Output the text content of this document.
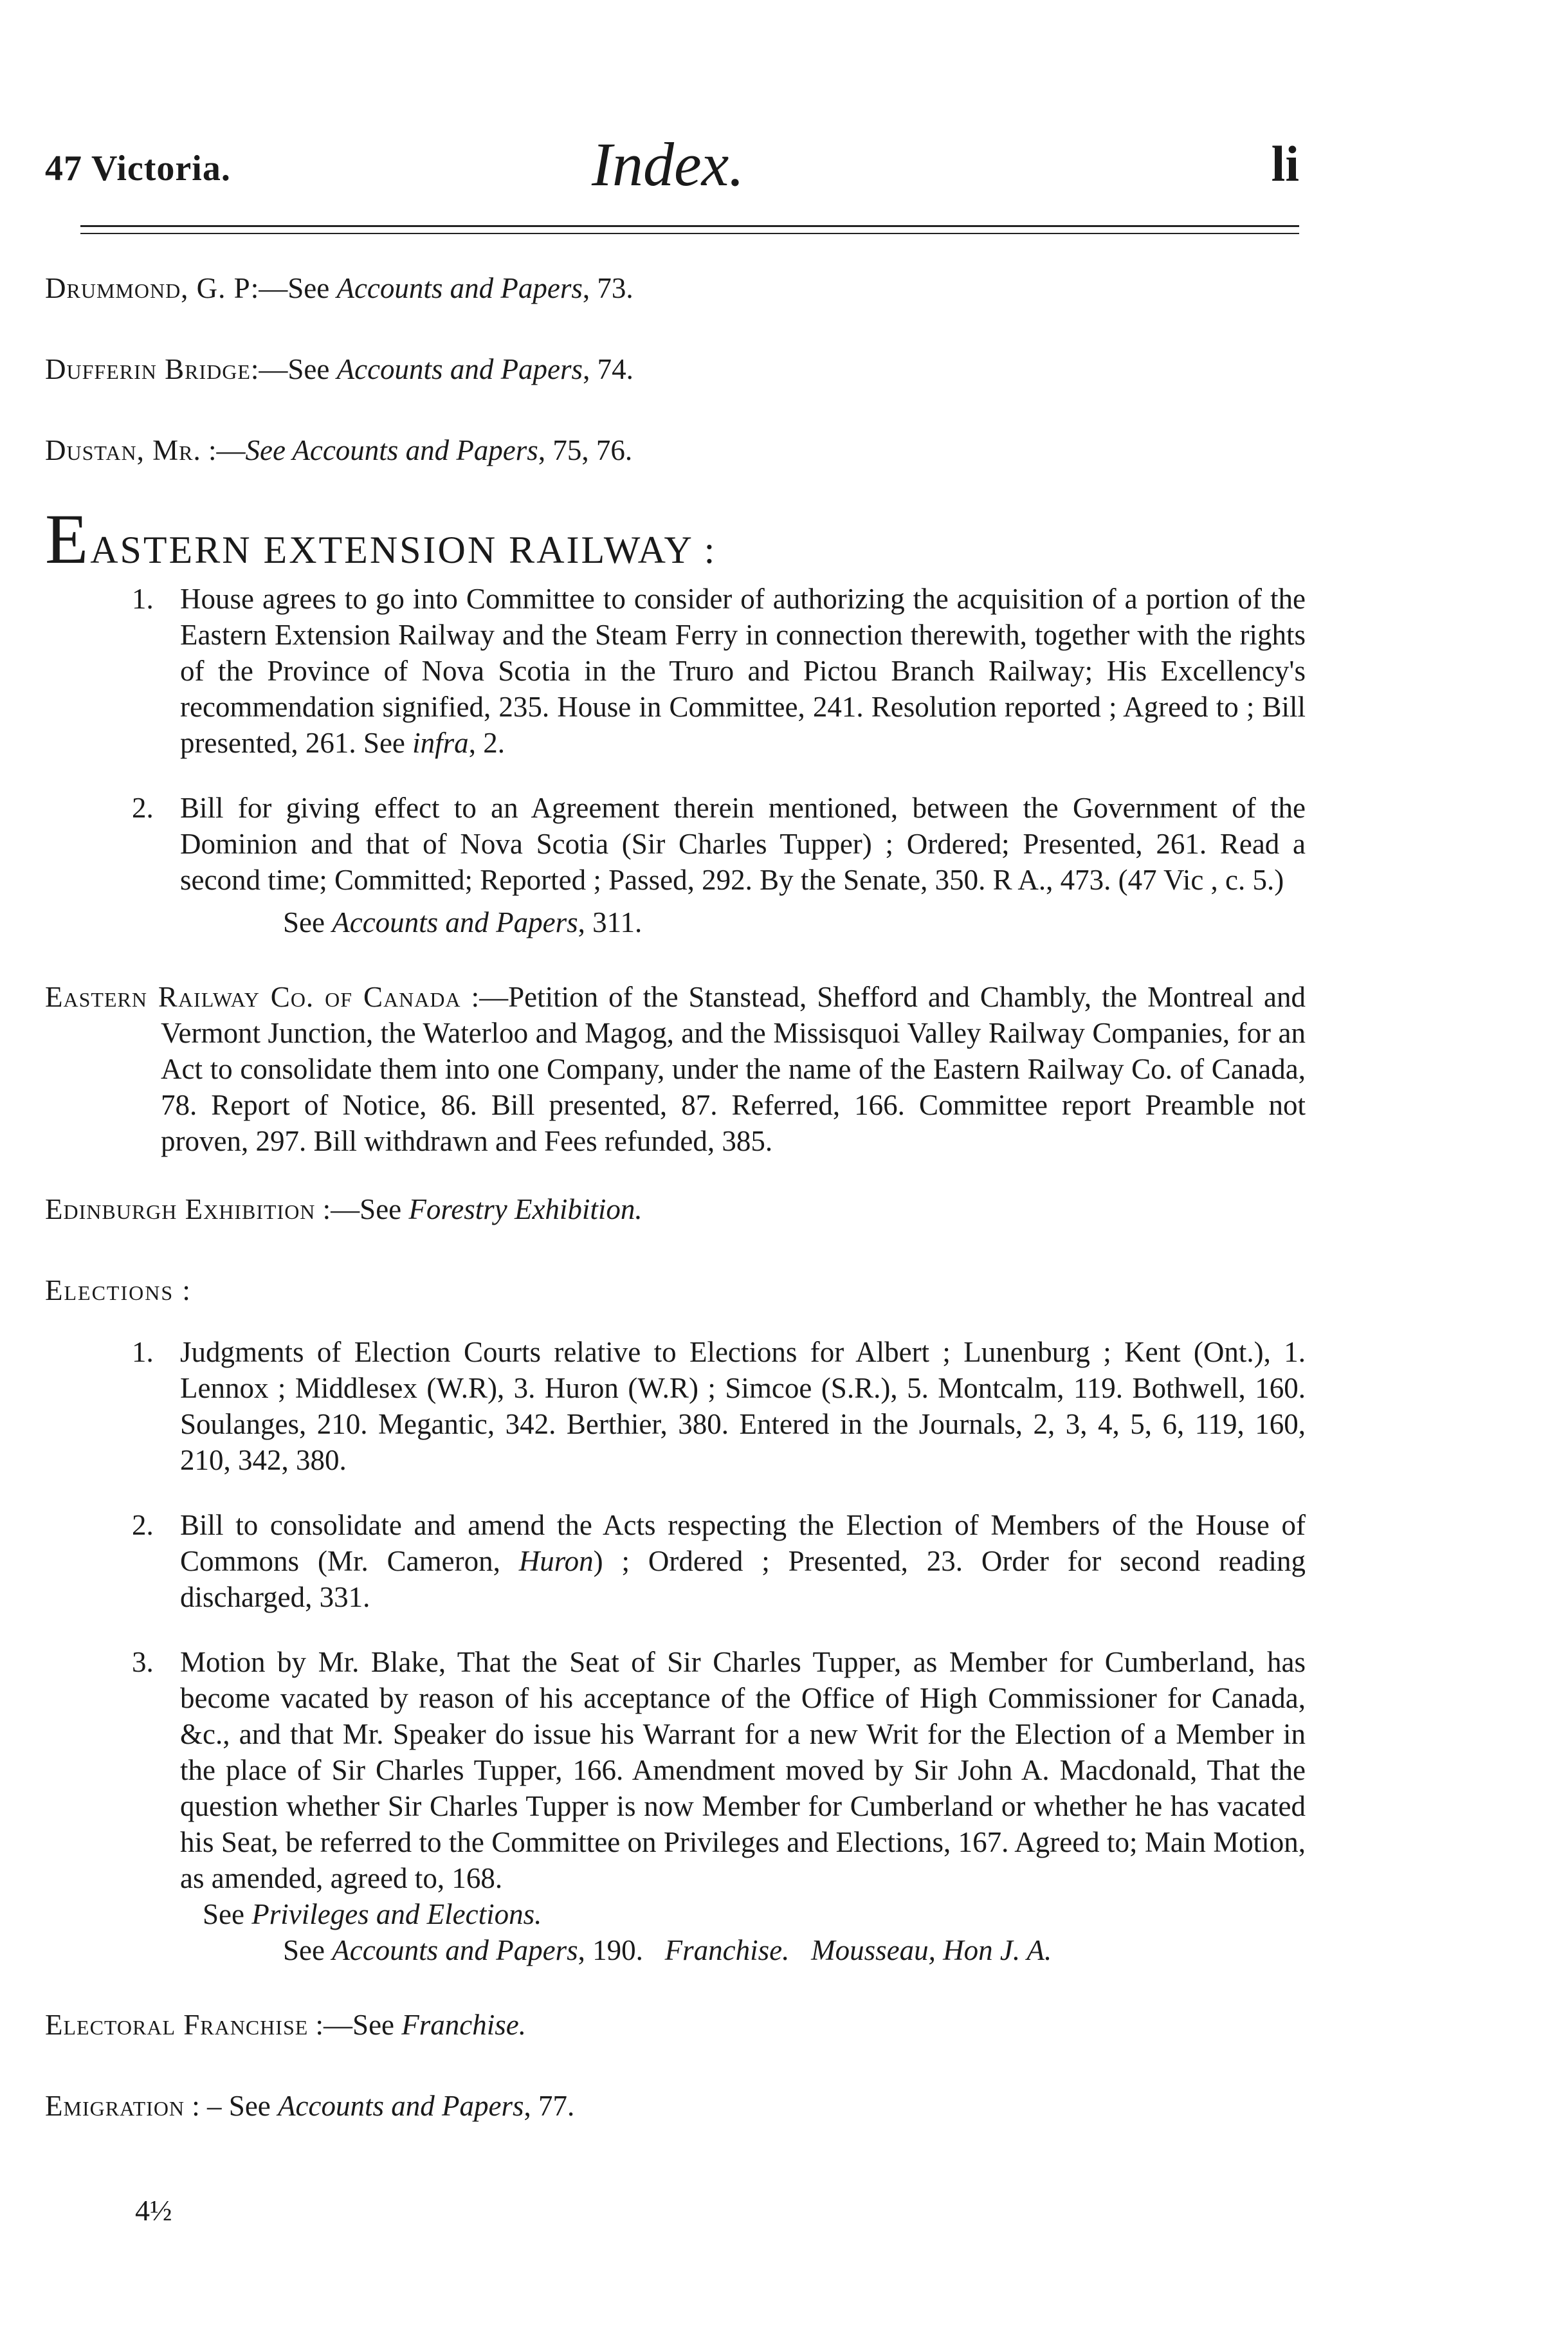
47 Victoria.	Index.	li
Drummond, G. P:—See Accounts and Papers, 73.
Dufferin Bridge:—See Accounts and Papers, 74.
Dustan, Mr. :—See Accounts and Papers, 75, 76.
EASTERN EXTENSION RAILWAY :
1. House agrees to go into Committee to consider of authorizing the acquisition of a portion of the Eastern Extension Railway and the Steam Ferry in connection therewith, together with the rights of the Province of Nova Scotia in the Truro and Pictou Branch Railway; His Excellency's recommendation signified, 235. House in Committee, 241. Resolution reported ; Agreed to ; Bill presented, 261. See infra, 2.
2. Bill for giving effect to an Agreement therein mentioned, between the Government of the Dominion and that of Nova Scotia (Sir Charles Tupper) ; Ordered; Presented, 261. Read a second time; Committed; Reported ; Passed, 292. By the Senate, 350. R A., 473. (47 Vic , c. 5.)
See Accounts and Papers, 311.
Eastern Railway Co. of Canada :—Petition of the Stanstead, Shefford and Chambly, the Montreal and Vermont Junction, the Waterloo and Magog, and the Missisquoi Valley Railway Companies, for an Act to consolidate them into one Company, under the name of the Eastern Railway Co. of Canada, 78. Report of Notice, 86. Bill presented, 87. Referred, 166. Committee report Preamble not proven, 297. Bill withdrawn and Fees refunded, 385.
Edinburgh Exhibition :—See Forestry Exhibition.
Elections :
1. Judgments of Election Courts relative to Elections for Albert ; Lunenburg ; Kent (Ont.), 1. Lennox ; Middlesex (W.R), 3. Huron (W.R) ; Simcoe (S.R.), 5. Montcalm, 119. Bothwell, 160. Soulanges, 210. Megantic, 342. Berthier, 380. Entered in the Journals, 2, 3, 4, 5, 6, 119, 160, 210, 342, 380.
2. Bill to consolidate and amend the Acts respecting the Election of Members of the House of Commons (Mr. Cameron, Huron) ; Ordered ; Presented, 23. Order for second reading discharged, 331.
3. Motion by Mr. Blake, That the Seat of Sir Charles Tupper, as Member for Cumberland, has become vacated by reason of his acceptance of the Office of High Commissioner for Canada, &c., and that Mr. Speaker do issue his Warrant for a new Writ for the Election of a Member in the place of Sir Charles Tupper, 166. Amendment moved by Sir John A. Macdonald, That the question whether Sir Charles Tupper is now Member for Cumberland or whether he has vacated his Seat, be referred to the Committee on Privileges and Elections, 167. Agreed to; Main Motion, as amended, agreed to, 168.
See Privileges and Elections.
See Accounts and Papers, 190. Franchise. Mousseau, Hon J. A.
Electoral Franchise :—See Franchise.
Emigration : – See Accounts and Papers, 77.
4½
